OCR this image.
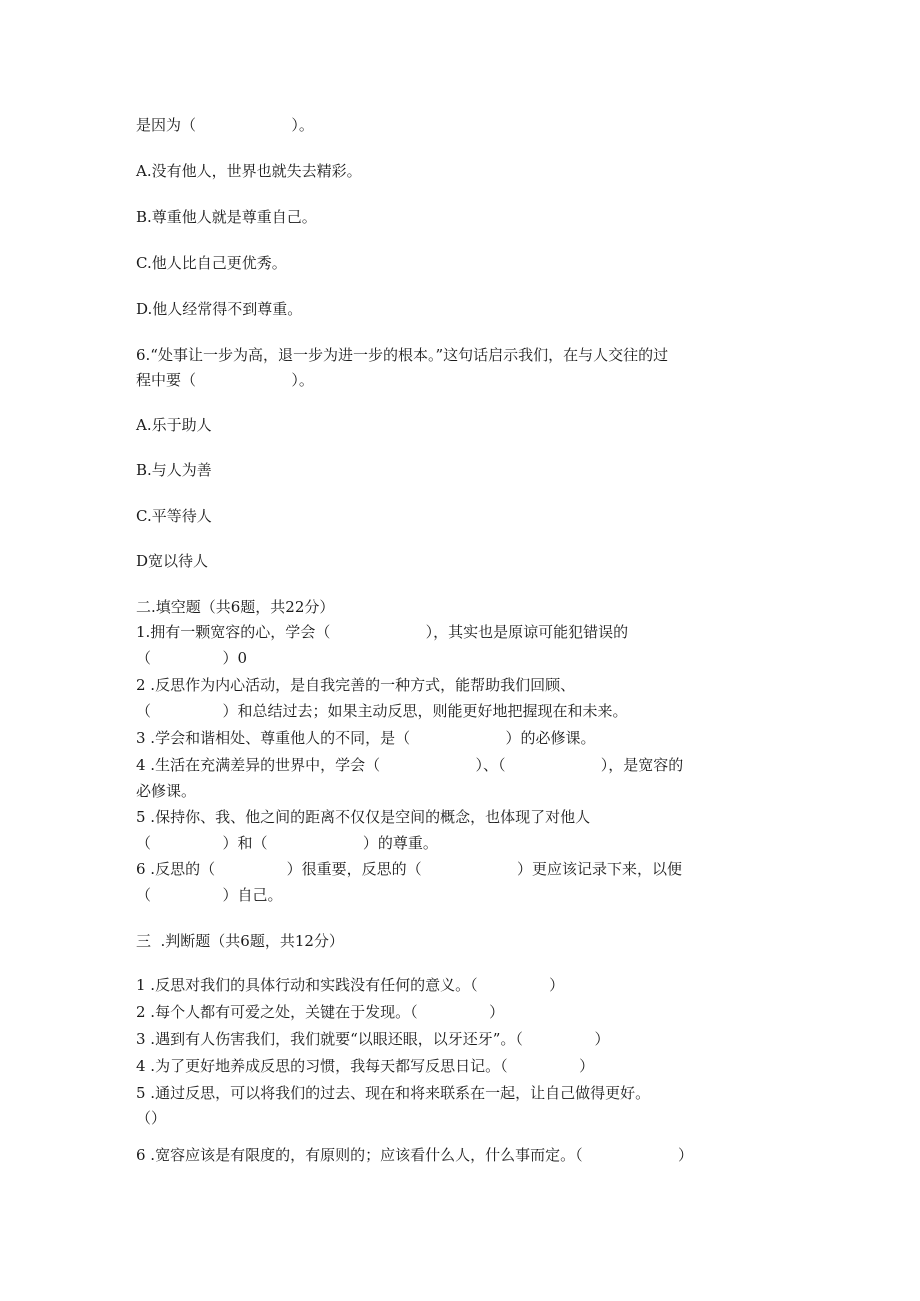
是因为（                    ）。
A.没有他人，世界也就失去精彩。
B.尊重他人就是尊重自己。
C.他人比自己更优秀。
D.他人经常得不到尊重。
6.“处事让一步为高，退一步为进一步的根本。”这句话启示我们，在与人交往的过
程中要（                    ）。
A.乐于助人
B.与人为善
C.平等待人
D宽以待人
二.填空题（共6题，共22分）
1.拥有一颗宽容的心，学会（                    ），其实也是原谅可能犯错误的
（               ）0
2 .反思作为内心活动，是自我完善的一种方式，能帮助我们回顾、
（               ）和总结过去；如果主动反思，则能更好地把握现在和未来。
3 .学会和谐相处、尊重他人的不同，是（                    ）的必修课。
4 .生活在充满差异的世界中，学会（                    ）、（                    ），是宽容的
必修课。
5 .保持你、我、他之间的距离不仅仅是空间的概念，也体现了对他人
（               ）和（                    ）的尊重。
6 .反思的（               ）很重要，反思的（                    ）更应该记录下来，以便
（               ）自己。
三  .判断题（共6题，共12分）
1 .反思对我们的具体行动和实践没有任何的意义。（               ）
2 .每个人都有可爱之处，关键在于发现。（               ）
3 .遇到有人伤害我们，我们就要“以眼还眼，以牙还牙”。（               ）
4 .为了更好地养成反思的习惯，我每天都写反思日记。（               ）
5 .通过反思，可以将我们的过去、现在和将来联系在一起，让自己做得更好。
（）
6 .宽容应该是有限度的，有原则的；应该看什么人，什么事而定。（                    ）
